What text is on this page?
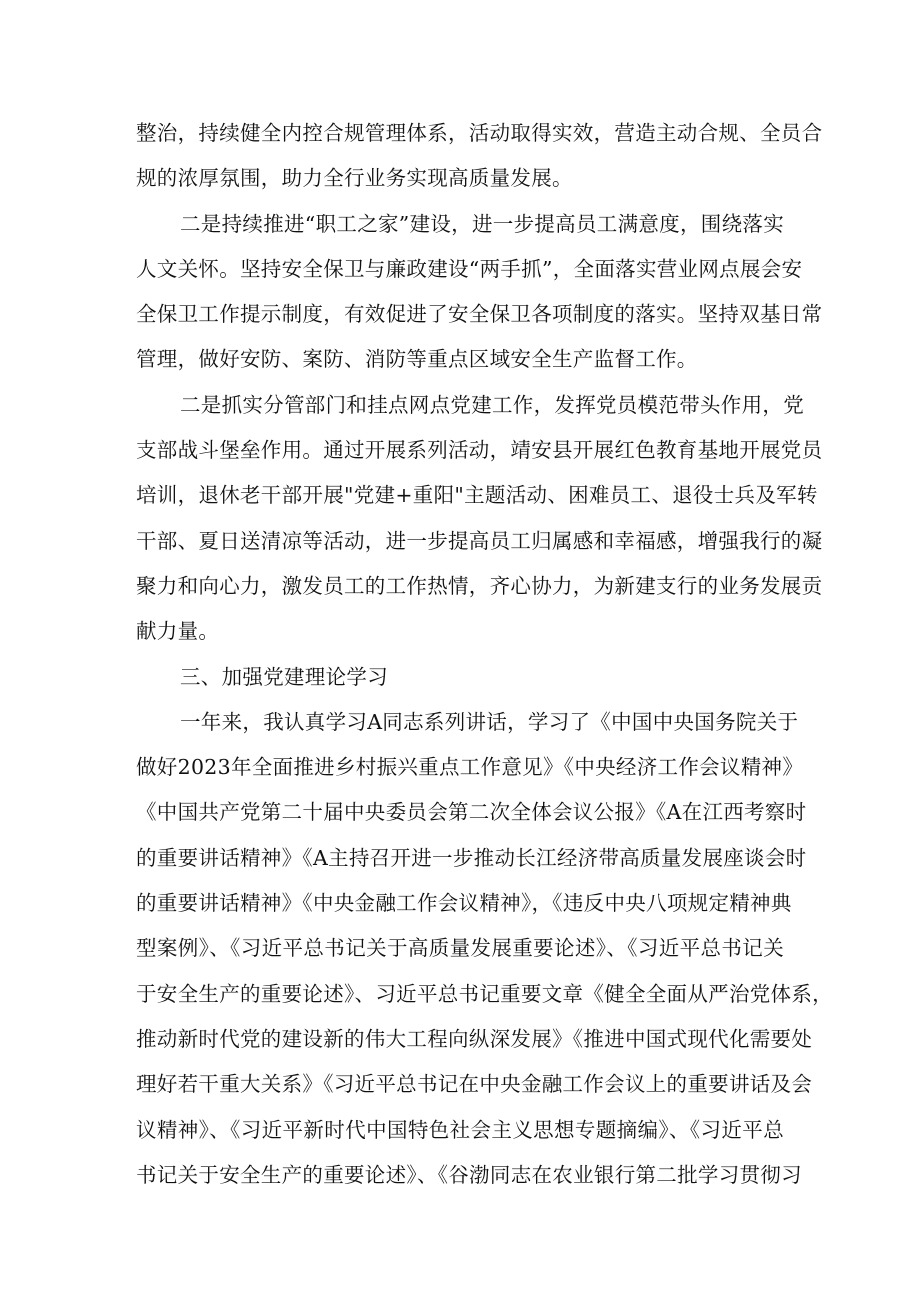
整治，持续健全内控合规管理体系，活动取得实效，营造主动合规、全员合
规的浓厚氛围，助力全行业务实现高质量发展。
二是持续推进“职工之家”建设，进一步提高员工满意度，围绕落实
人文关怀。坚持安全保卫与廉政建设“两手抓”，全面落实营业网点展会安
全保卫工作提示制度，有效促进了安全保卫各项制度的落实。坚持双基日常
管理，做好安防、案防、消防等重点区域安全生产监督工作。
二是抓实分管部门和挂点网点党建工作，发挥党员模范带头作用，党
支部战斗堡垒作用。通过开展系列活动，靖安县开展红色教育基地开展党员
培训，退休老干部开展"党建+重阳"主题活动、困难员工、退役士兵及军转
干部、夏日送清凉等活动，进一步提高员工归属感和幸福感，增强我行的凝
聚力和向心力，激发员工的工作热情，齐心协力，为新建支行的业务发展贡
献力量。
三、加强党建理论学习
一年来，我认真学习A同志系列讲话，学习了《中国中央国务院关于
做好2023年全面推进乡村振兴重点工作意见》《中央经济工作会议精神》
《中国共产党第二十届中央委员会第二次全体会议公报》《A在江西考察时
的重要讲话精神》《A主持召开进一步推动长江经济带高质量发展座谈会时
的重要讲话精神》《中央金融工作会议精神》，《违反中央八项规定精神典
型案例》、《习近平总书记关于高质量发展重要论述》、《习近平总书记关
于安全生产的重要论述》、习近平总书记重要文章《健全全面从严治党体系，
推动新时代党的建设新的伟大工程向纵深发展》《推进中国式现代化需要处
理好若干重大关系》《习近平总书记在中央金融工作会议上的重要讲话及会
议精神》、《习近平新时代中国特色社会主义思想专题摘编》、《习近平总
书记关于安全生产的重要论述》、《谷渤同志在农业银行第二批学习贯彻习
